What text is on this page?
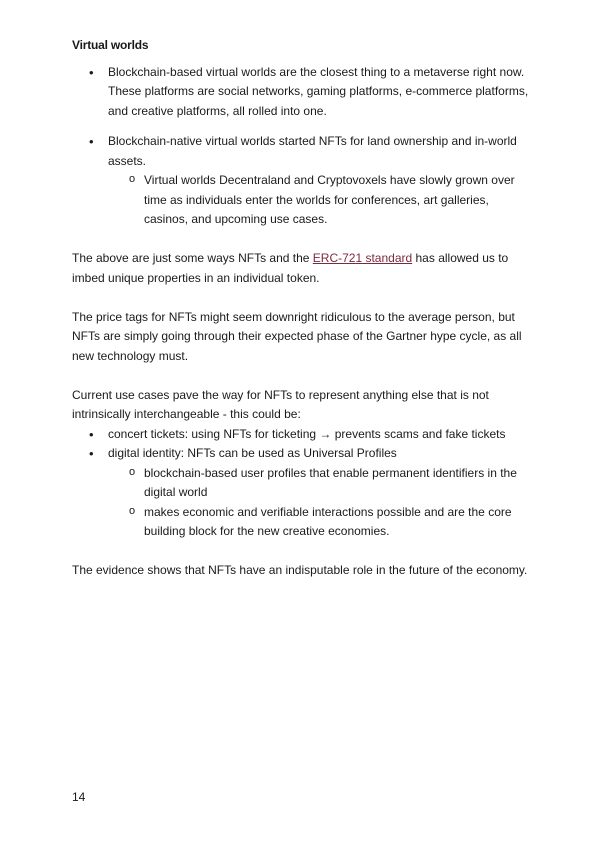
Virtual worlds
• Blockchain-based virtual worlds are the closest thing to a metaverse right now. These platforms are social networks, gaming platforms, e-commerce platforms, and creative platforms, all rolled into one.
• Blockchain-native virtual worlds started NFTs for land ownership and in-world assets.
o Virtual worlds Decentraland and Cryptovoxels have slowly grown over time as individuals enter the worlds for conferences, art galleries, casinos, and upcoming use cases.

The above are just some ways NFTs and the ERC-721 standard has allowed us to imbed unique properties in an individual token.

The price tags for NFTs might seem downright ridiculous to the average person, but NFTs are simply going through their expected phase of the Gartner hype cycle, as all new technology must.

Current use cases pave the way for NFTs to represent anything else that is not intrinsically interchangeable - this could be:

• concert tickets: using NFTs for ticketing → prevents scams and fake tickets
• digital identity: NFTs can be used as Universal Profiles
o blockchain-based user profiles that enable permanent identifiers in the digital world
o makes economic and verifiable interactions possible and are the core building block for the new creative economies.

The evidence shows that NFTs have an indisputable role in the future of the economy.

14
